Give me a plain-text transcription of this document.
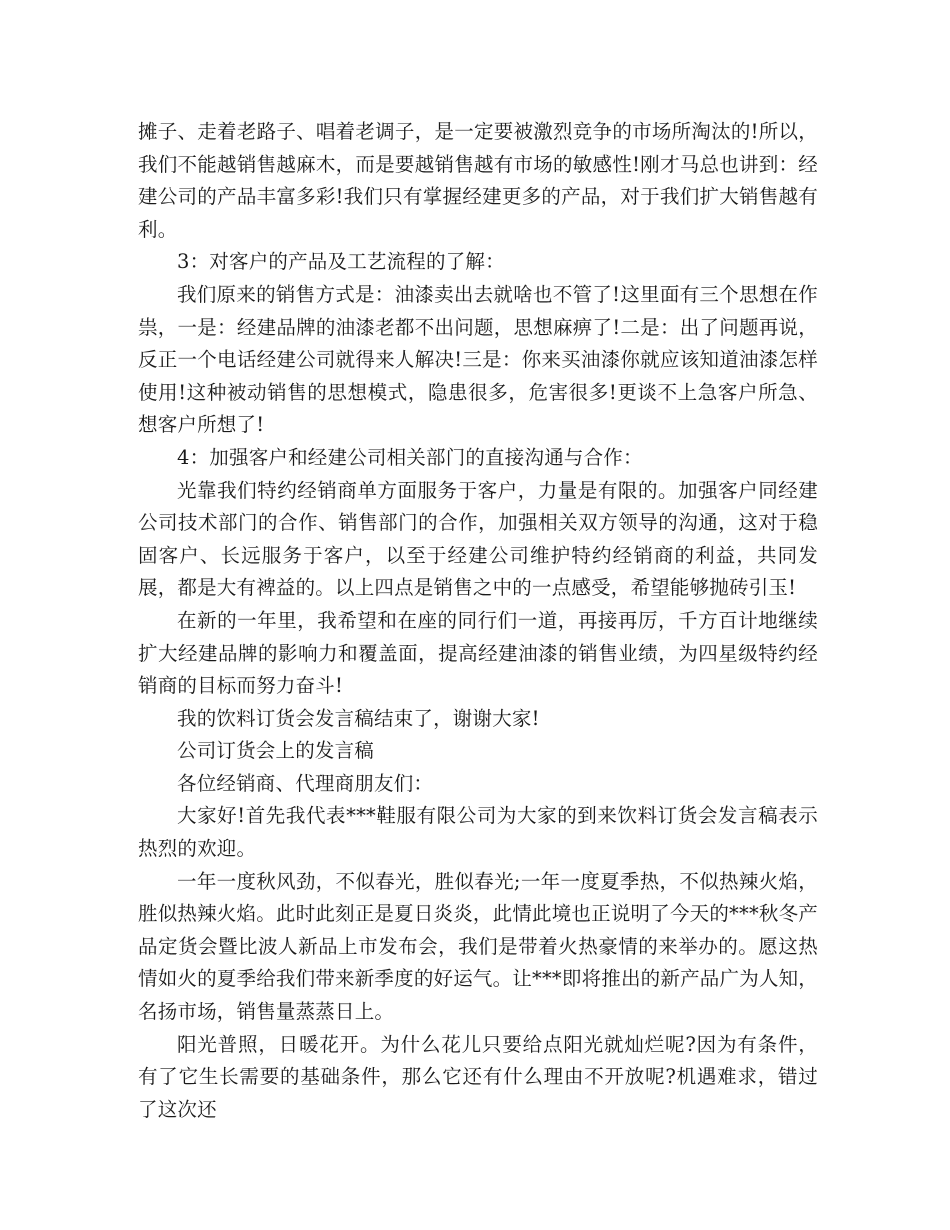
摊子、走着老路子、唱着老调子，是一定要被激烈竞争的市场所淘汰的!所以，我们不能越销售越麻木，而是要越销售越有市场的敏感性!刚才马总也讲到：经建公司的产品丰富多彩!我们只有掌握经建更多的产品，对于我们扩大销售越有利。

3：对客户的产品及工艺流程的了解：

我们原来的销售方式是：油漆卖出去就啥也不管了!这里面有三个思想在作祟，一是：经建品牌的油漆老都不出问题，思想麻痹了!二是：出了问题再说，反正一个电话经建公司就得来人解决!三是：你来买油漆你就应该知道油漆怎样使用!这种被动销售的思想模式，隐患很多，危害很多!更谈不上急客户所急、想客户所想了!

4：加强客户和经建公司相关部门的直接沟通与合作：

光靠我们特约经销商单方面服务于客户，力量是有限的。加强客户同经建公司技术部门的合作、销售部门的合作，加强相关双方领导的沟通，这对于稳固客户、长远服务于客户，以至于经建公司维护特约经销商的利益，共同发展，都是大有裨益的。以上四点是销售之中的一点感受，希望能够抛砖引玉!

在新的一年里，我希望和在座的同行们一道，再接再厉，千方百计地继续扩大经建品牌的影响力和覆盖面，提高经建油漆的销售业绩，为四星级特约经销商的目标而努力奋斗!

我的饮料订货会发言稿结束了，谢谢大家!

公司订货会上的发言稿

各位经销商、代理商朋友们：

大家好!首先我代表***鞋服有限公司为大家的到来饮料订货会发言稿表示热烈的欢迎。

一年一度秋风劲，不似春光，胜似春光;一年一度夏季热，不似热辣火焰，胜似热辣火焰。此时此刻正是夏日炎炎，此情此境也正说明了今天的***秋冬产品定货会暨比波人新品上市发布会，我们是带着火热豪情的来举办的。愿这热情如火的夏季给我们带来新季度的好运气。让***即将推出的新产品广为人知，名扬市场，销售量蒸蒸日上。

阳光普照，日暖花开。为什么花儿只要给点阳光就灿烂呢?因为有条件，有了它生长需要的基础条件，那么它还有什么理由不开放呢?机遇难求，错过了这次还
